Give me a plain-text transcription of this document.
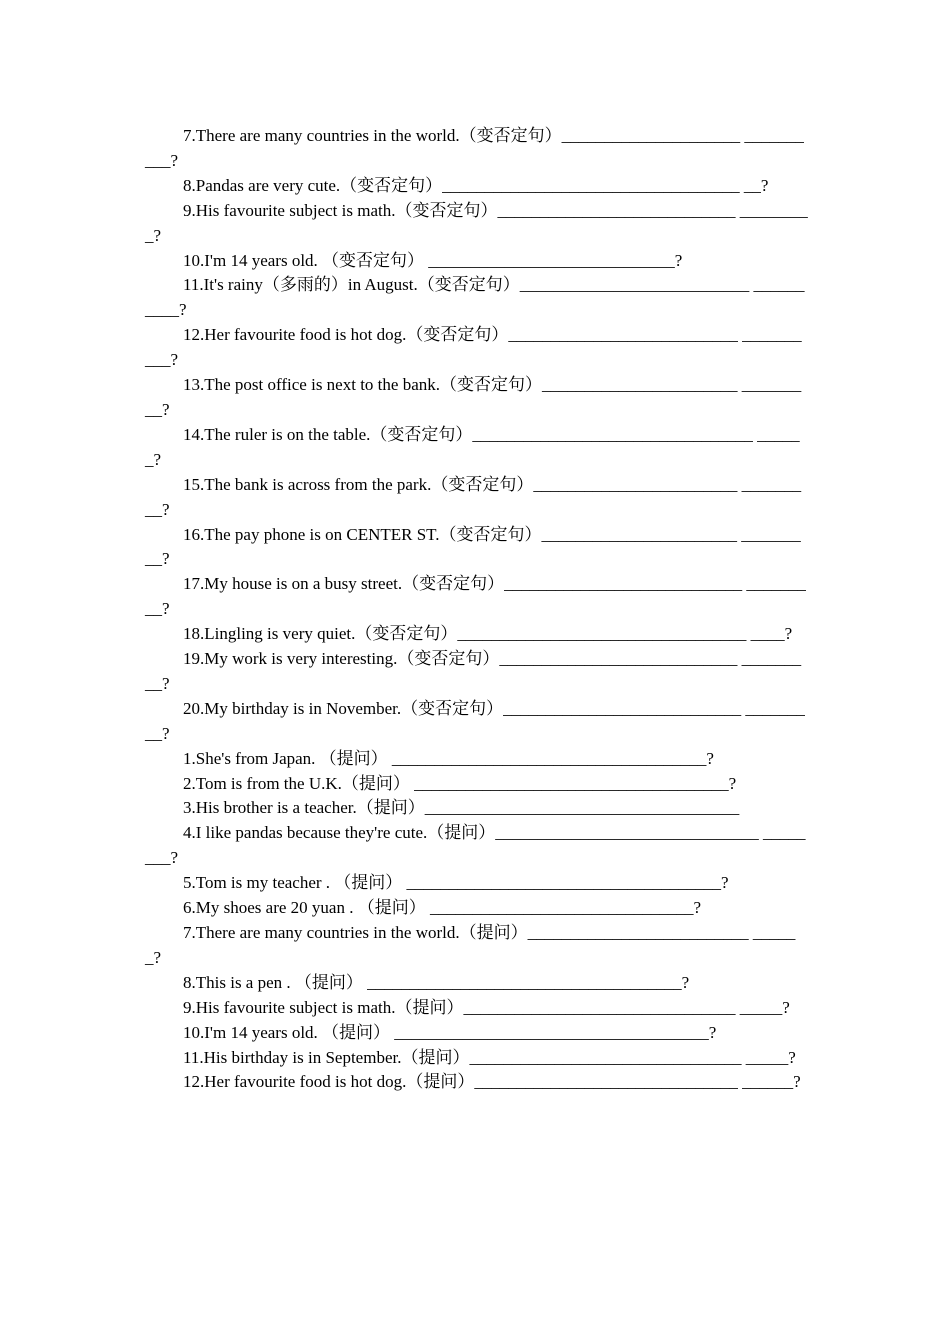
7.There are many countries in the world.（变否定句）_____________________ __________?

8.Pandas are very cute.（变否定句）___________________________________ __?

9.His favourite subject is math.（变否定句）____________________________ _________?

10.I'm 14 years old. （变否定句） _____________________________?

11.It's rainy（多雨的）in August.（变否定句）___________________________ __________?

12.Her favourite food is hot dog.（变否定句）___________________________ __________?

13.The post office is next to the bank.（变否定句）_______________________ _________?

14.The ruler is on the table.（变否定句）_________________________________ ______?

15.The bank is across from the park.（变否定句）________________________ _________?

16.The pay phone is on CENTER ST.（变否定句）_______________________ _________?

17.My house is on a busy street.（变否定句）____________________________ _________?

18.Lingling is very quiet.（变否定句）__________________________________ ____?

19.My work is very interesting.（变否定句）____________________________ _________?

20.My birthday is in November.（变否定句）____________________________ _________?

1.She's from Japan. （提问） _____________________________________?

2.Tom is from the U.K.（提问） _____________________________________?

3.His brother is a teacher.（提问）_____________________________________

4.I like pandas because they're cute.（提问）_______________________________ ________?

5.Tom is my teacher . （提问） _____________________________________?

6.My shoes are 20 yuan . （提问） _______________________________?

7.There are many countries in the world.（提问）__________________________ ______?

8.This is a pen . （提问） _____________________________________?

9.His favourite subject is math.（提问）________________________________ _____?

10.I'm 14 years old. （提问） _____________________________________?

11.His birthday is in September.（提问）________________________________ _____?

12.Her favourite food is hot dog.（提问）_______________________________ ______?
